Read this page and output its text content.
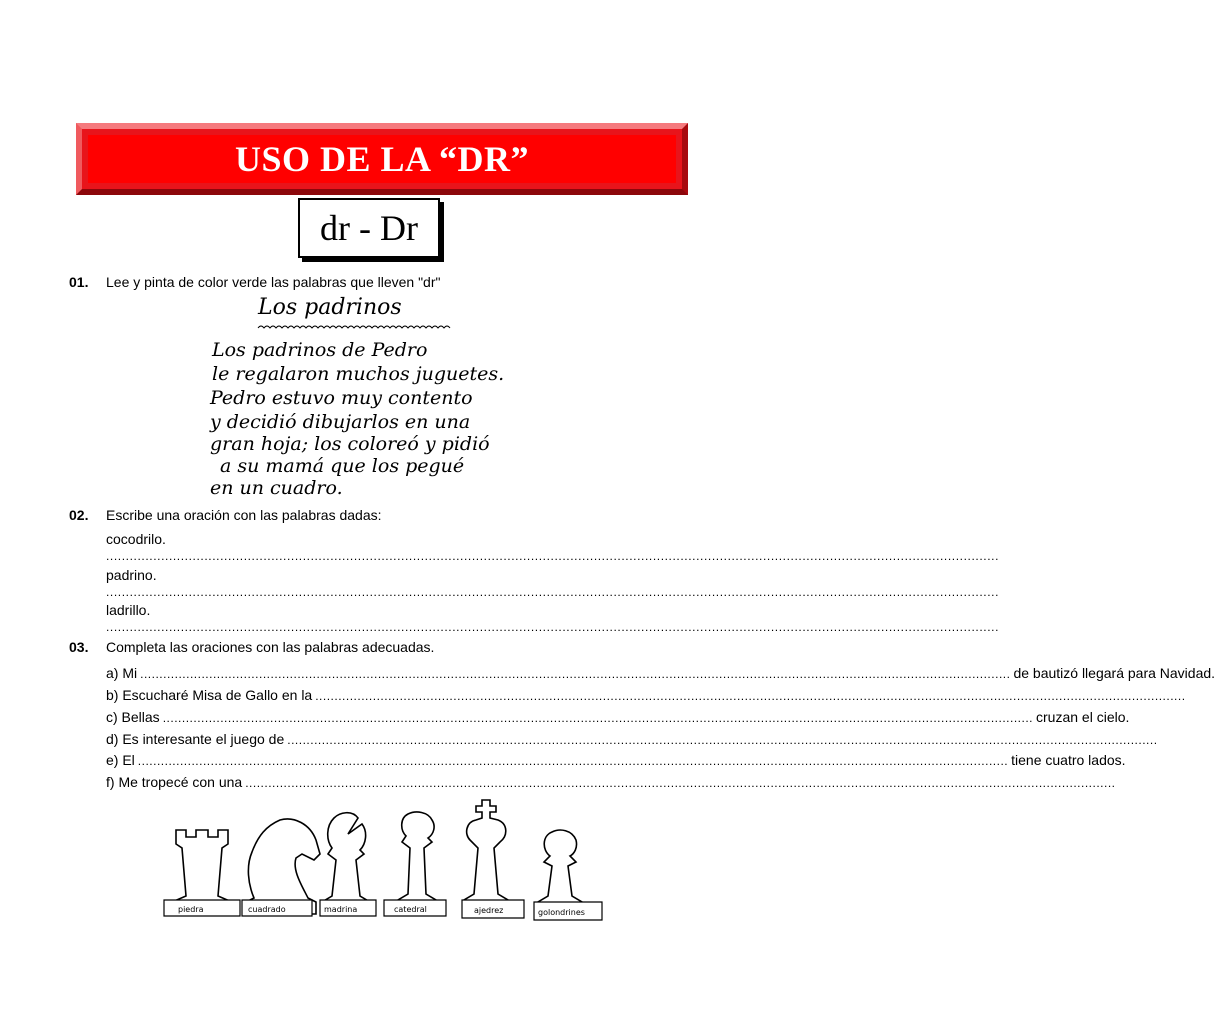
USO DE LA “DR”
dr - Dr
01. Lee y pinta de color verde las palabras que lleven "dr"
Los padrinos
Los padrinos de Pedro
le regalaron muchos juguetes.
Pedro estuvo muy contento
y decidió dibujarlos en una
gran hoja; los coloreó y pidió
a su mamá que los pegué
en un cuadro.
02. Escribe una oración con las palabras dadas:
cocodrilo.
...................................................................................................................................................................................................................................
padrino.
...................................................................................................................................................................................................................................
ladrillo.
...................................................................................................................................................................................................................................
03. Completa las oraciones con las palabras adecuadas.
a) Mi ................................................................................................................................................................................................................................... de bautizó llegará para Navidad.
b) Escucharé Misa de Gallo en la ...................................................................................................................................................................................................................................
c) Bellas ................................................................................................................................................................................................................................... cruzan el cielo.
d) Es interesante el juego de ...................................................................................................................................................................................................................................
e) El ................................................................................................................................................................................................................................... tiene cuatro lados.
f) Me tropecé con una ...................................................................................................................................................................................................................................
piedra	cuadrado	madrina	catedral	ajedrez	golondrines
